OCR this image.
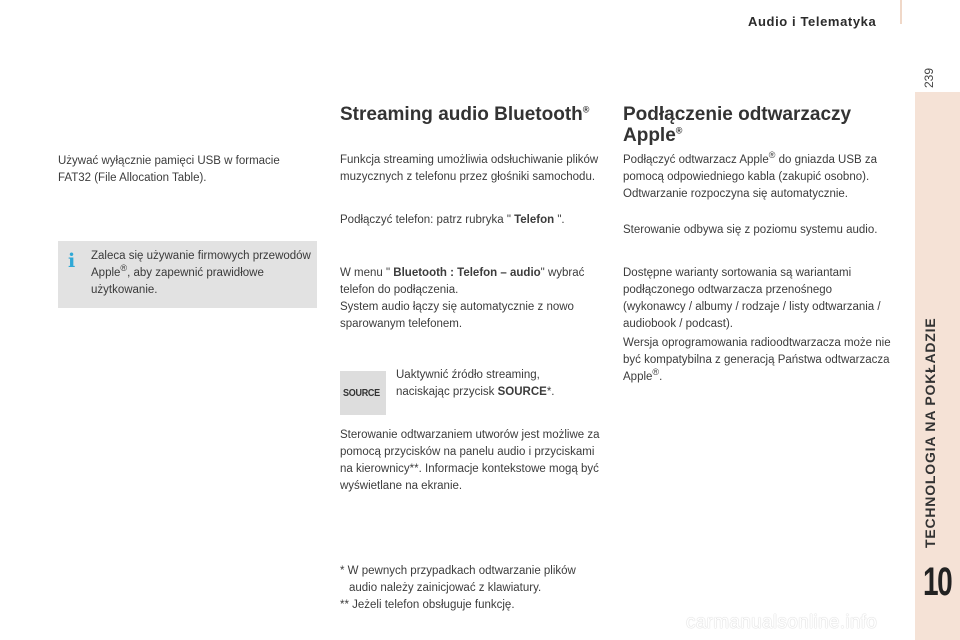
Audio i Telematyka
239
TECHNOLOGIA NA POKŁADZIE
10

Używać wyłącznie pamięci USB w formacie FAT32 (File Allocation Table).

i	Zaleca się używanie firmowych przewodów Apple®, aby zapewnić prawidłowe użytkowanie.

Streaming audio Bluetooth®

Funkcja streaming umożliwia odsłuchiwanie plików muzycznych z telefonu przez głośniki samochodu.

Podłączyć telefon: patrz rubryka " Telefon ".

W menu " Bluetooth : Telefon – audio" wybrać telefon do podłączenia.
System audio łączy się automatycznie z nowo sparowanym telefonem.

SOURCE

Uaktywnić źródło streaming, naciskając przycisk SOURCE*.

Sterowanie odtwarzaniem utworów jest możliwe za pomocą przycisków na panelu audio i przyciskami na kierownicy**. Informacje kontekstowe mogą być wyświetlane na ekranie.

* W pewnych przypadkach odtwarzanie plików
audio należy zainicjować z klawiatury.
** Jeżeli telefon obsługuje funkcję.

Podłączenie odtwarzaczy
Apple®

Podłączyć odtwarzacz Apple® do gniazda USB za pomocą odpowiedniego kabla (zakupić osobno).
Odtwarzanie rozpoczyna się automatycznie.

Sterowanie odbywa się z poziomu systemu audio.

Dostępne warianty sortowania są wariantami podłączonego odtwarzacza przenośnego (wykonawcy / albumy / rodzaje / listy odtwarzania / audiobook / podcast).

Wersja oprogramowania radioodtwarzacza może nie być kompatybilna z generacją Państwa odtwarzacza Apple®.

carmanualsonline.info
